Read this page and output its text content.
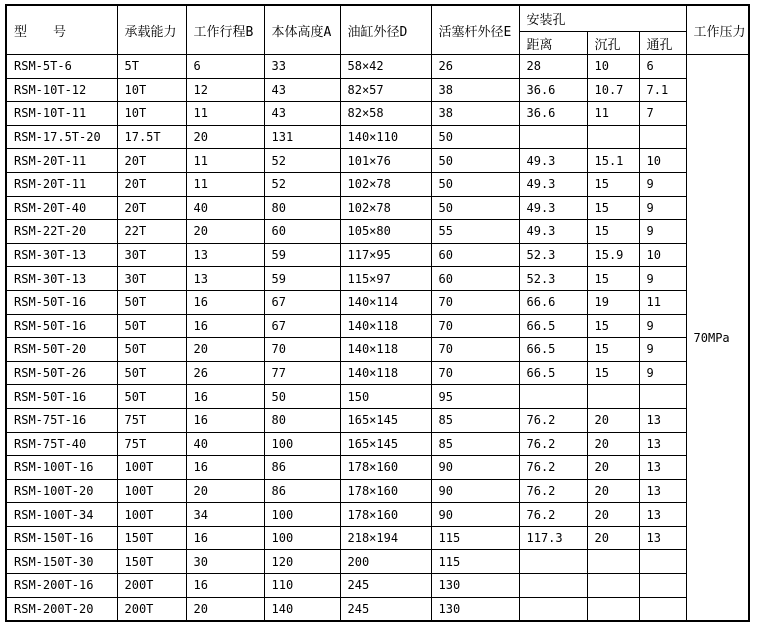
型　　号	承载能力	工作行程B	本体高度A	油缸外径D	活塞杆外径E	安装孔			工作压力
						距离	沉孔	通孔	
RSM-5T-6	5T	6	33	58×42	26	28	10	6	70MPa
RSM-10T-12	10T	12	43	82×57	38	36.6	10.7	7.1	
RSM-10T-11	10T	11	43	82×58	38	36.6	11	7	
RSM-17.5T-20	17.5T	20	131	140×110	50				
RSM-20T-11	20T	11	52	101×76	50	49.3	15.1	10	
RSM-20T-11	20T	11	52	102×78	50	49.3	15	9	
RSM-20T-40	20T	40	80	102×78	50	49.3	15	9	
RSM-22T-20	22T	20	60	105×80	55	49.3	15	9	
RSM-30T-13	30T	13	59	117×95	60	52.3	15.9	10	
RSM-30T-13	30T	13	59	115×97	60	52.3	15	9	
RSM-50T-16	50T	16	67	140×114	70	66.6	19	11	
RSM-50T-16	50T	16	67	140×118	70	66.5	15	9	
RSM-50T-20	50T	20	70	140×118	70	66.5	15	9	
RSM-50T-26	50T	26	77	140×118	70	66.5	15	9	
RSM-50T-16	50T	16	50	150	95				
RSM-75T-16	75T	16	80	165×145	85	76.2	20	13	
RSM-75T-40	75T	40	100	165×145	85	76.2	20	13	
RSM-100T-16	100T	16	86	178×160	90	76.2	20	13	
RSM-100T-20	100T	20	86	178×160	90	76.2	20	13	
RSM-100T-34	100T	34	100	178×160	90	76.2	20	13	
RSM-150T-16	150T	16	100	218×194	115	117.3	20	13	
RSM-150T-30	150T	30	120	200	115				
RSM-200T-16	200T	16	110	245	130				
RSM-200T-20	200T	20	140	245	130				
